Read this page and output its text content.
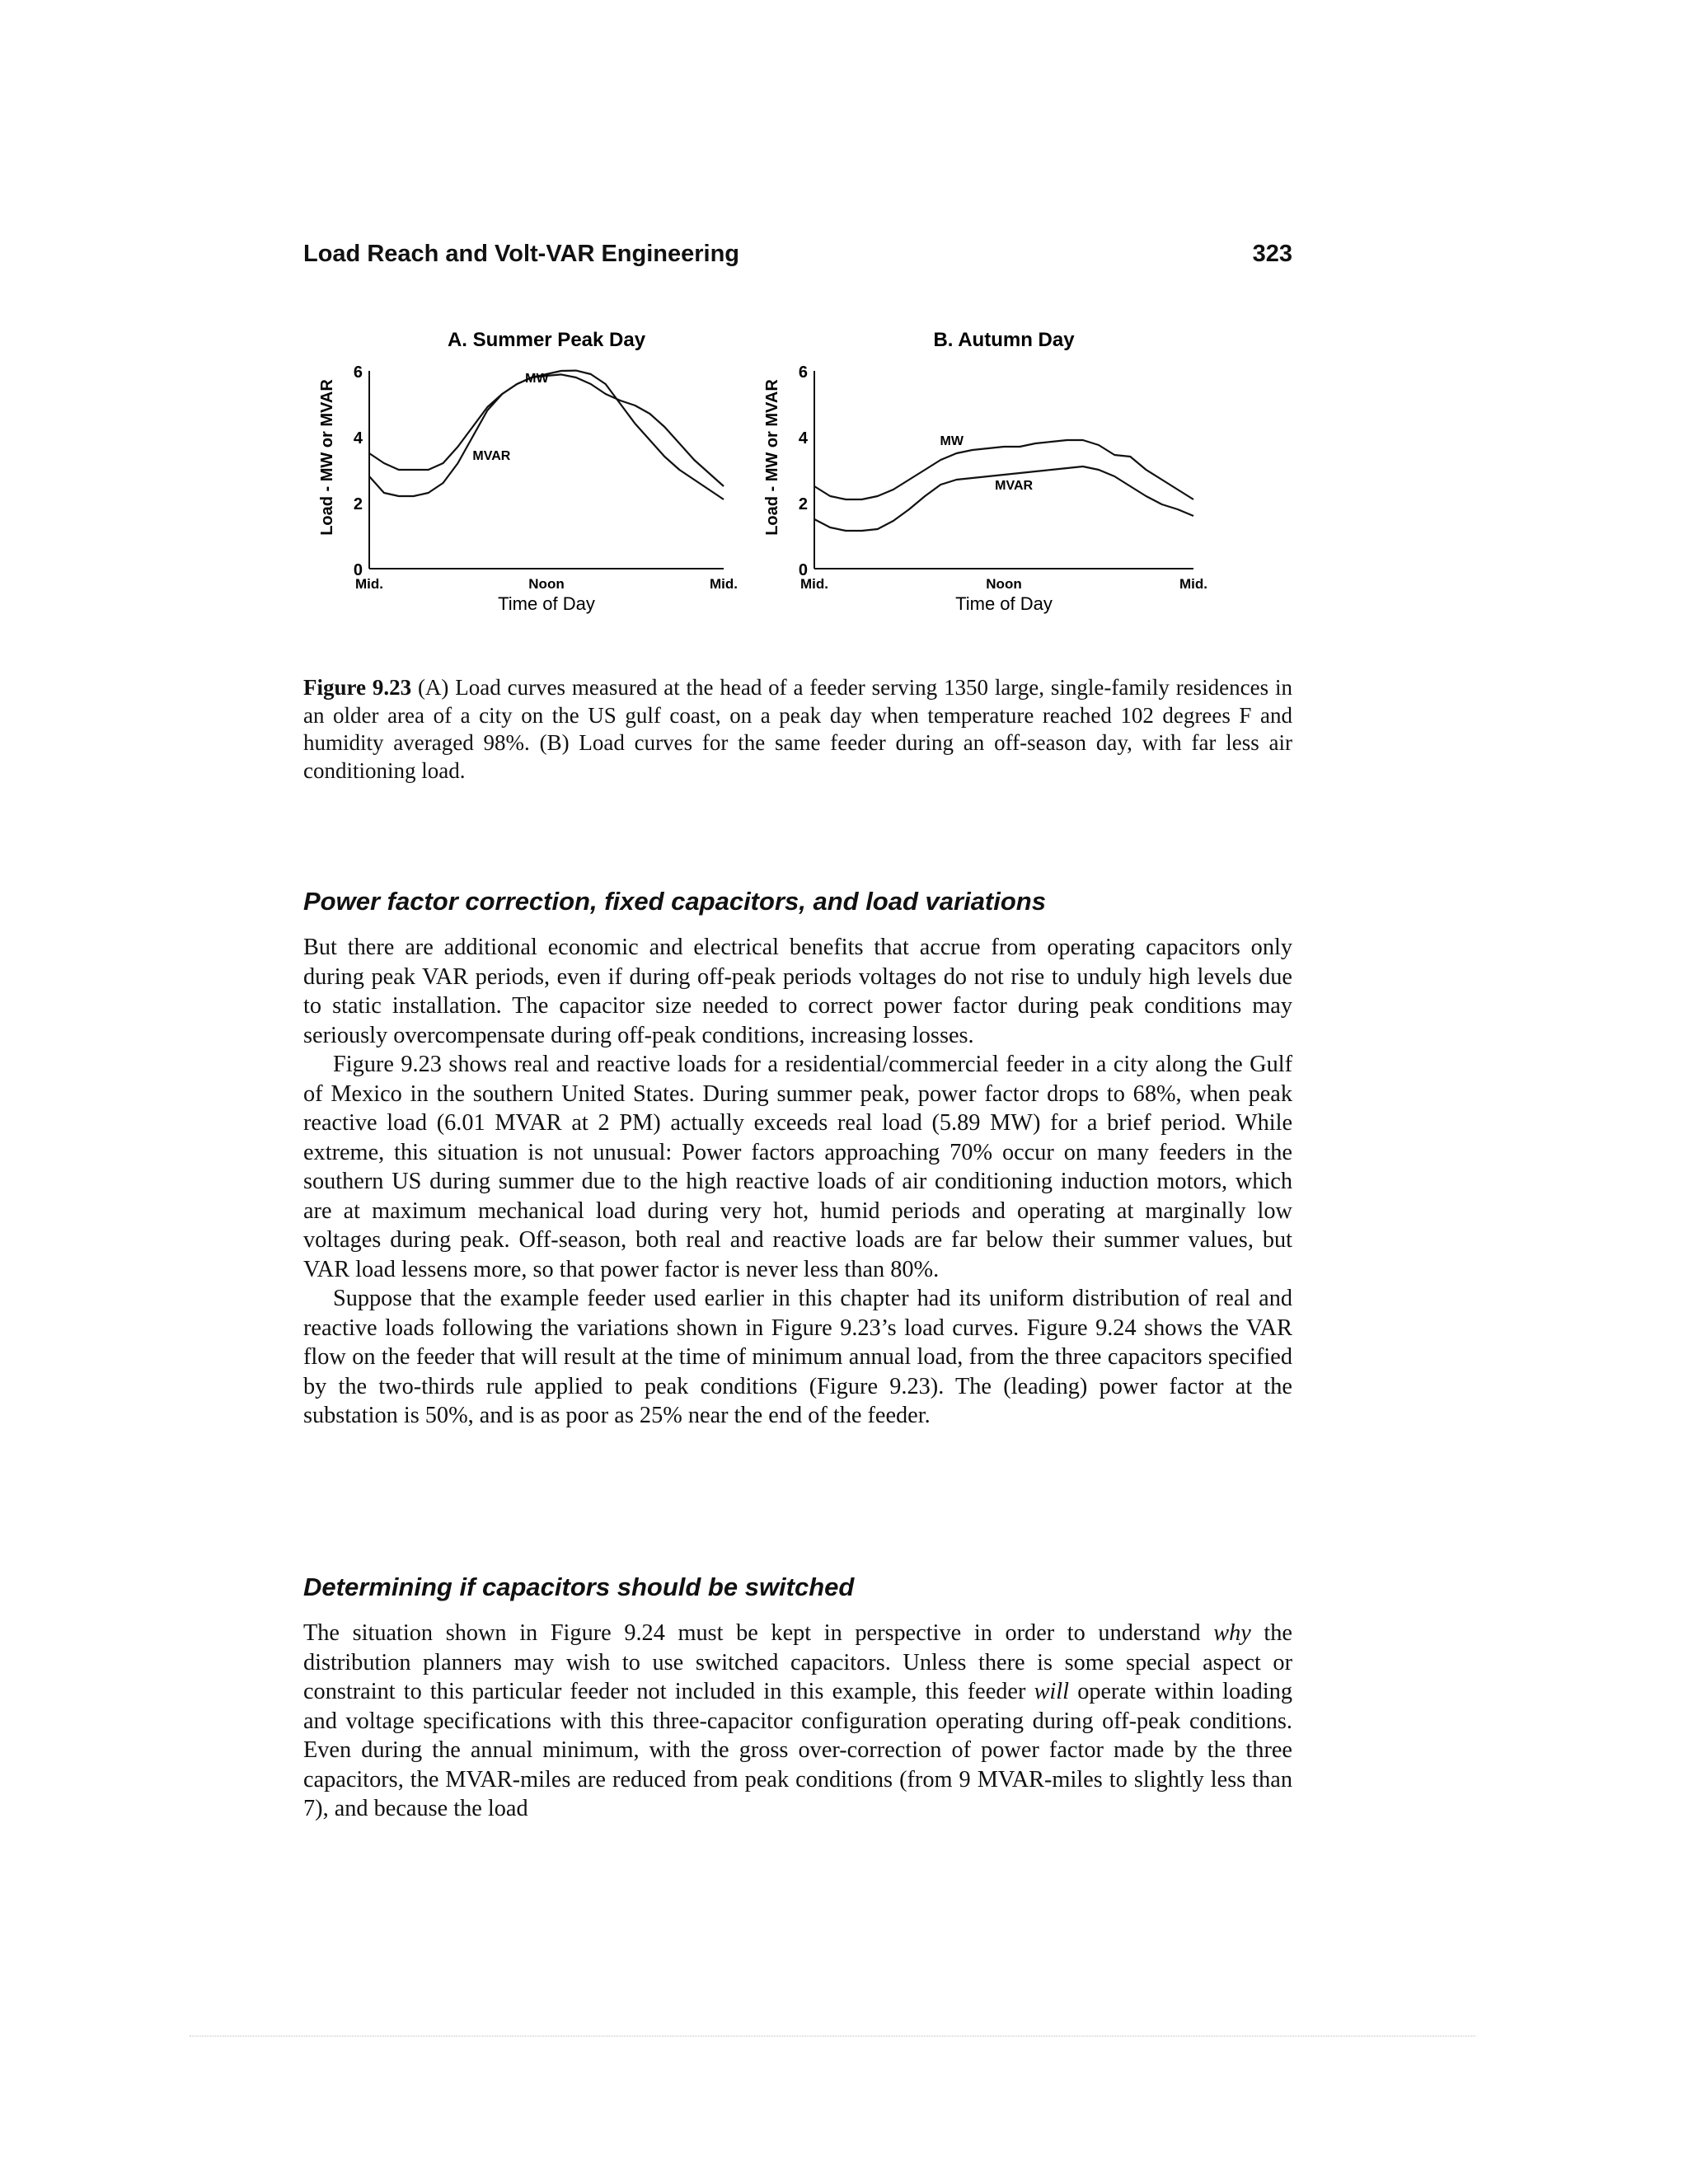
Load Reach and Volt-VAR Engineering	323
A. Summer Peak Day
0
2
4
6
Load - MW or MVAR
Mid.	Noon	Mid.
Time of Day
MW
MVAR
B. Autumn Day
0
2
4
6
Load - MW or MVAR
Mid.	Noon	Mid.
Time of Day
MW
MVAR
Figure 9.23 (A) Load curves measured at the head of a feeder serving 1350 large, single-family residences in an older area of a city on the US gulf coast, on a peak day when temperature reached 102 degrees F and humidity averaged 98%. (B) Load curves for the same feeder during an off-season day, with far less air conditioning load.
Power factor correction, fixed capacitors, and load variations

But there are additional economic and electrical benefits that accrue from operating capacitors only during peak VAR periods, even if during off-peak periods voltages do not rise to unduly high levels due to static installation. The capacitor size needed to correct power factor during peak conditions may seriously overcompensate during off-peak conditions, increasing losses.

Figure 9.23 shows real and reactive loads for a residential/commercial feeder in a city along the Gulf of Mexico in the southern United States. During summer peak, power factor drops to 68%, when peak reactive load (6.01 MVAR at 2 PM) actually exceeds real load (5.89 MW) for a brief period. While extreme, this situation is not unusual: Power factors approaching 70% occur on many feeders in the southern US during summer due to the high reactive loads of air conditioning induction motors, which are at maximum mechanical load during very hot, humid periods and operating at marginally low voltages during peak. Off-season, both real and reactive loads are far below their summer values, but VAR load lessens more, so that power factor is never less than 80%.

Suppose that the example feeder used earlier in this chapter had its uniform distribution of real and reactive loads following the variations shown in Figure 9.23’s load curves. Figure 9.24 shows the VAR flow on the feeder that will result at the time of minimum annual load, from the three capacitors specified by the two-thirds rule applied to peak conditions (Figure 9.23). The (leading) power factor at the substation is 50%, and is as poor as 25% near the end of the feeder.

Determining if capacitors should be switched

The situation shown in Figure 9.24 must be kept in perspective in order to understand why the distribution planners may wish to use switched capacitors. Unless there is some special aspect or constraint to this particular feeder not included in this example, this feeder will operate within loading and voltage specifications with this three-capacitor configuration operating during off-peak conditions. Even during the annual minimum, with the gross over-correction of power factor made by the three capacitors, the MVAR-miles are reduced from peak conditions (from 9 MVAR-miles to slightly less than 7), and because the load
